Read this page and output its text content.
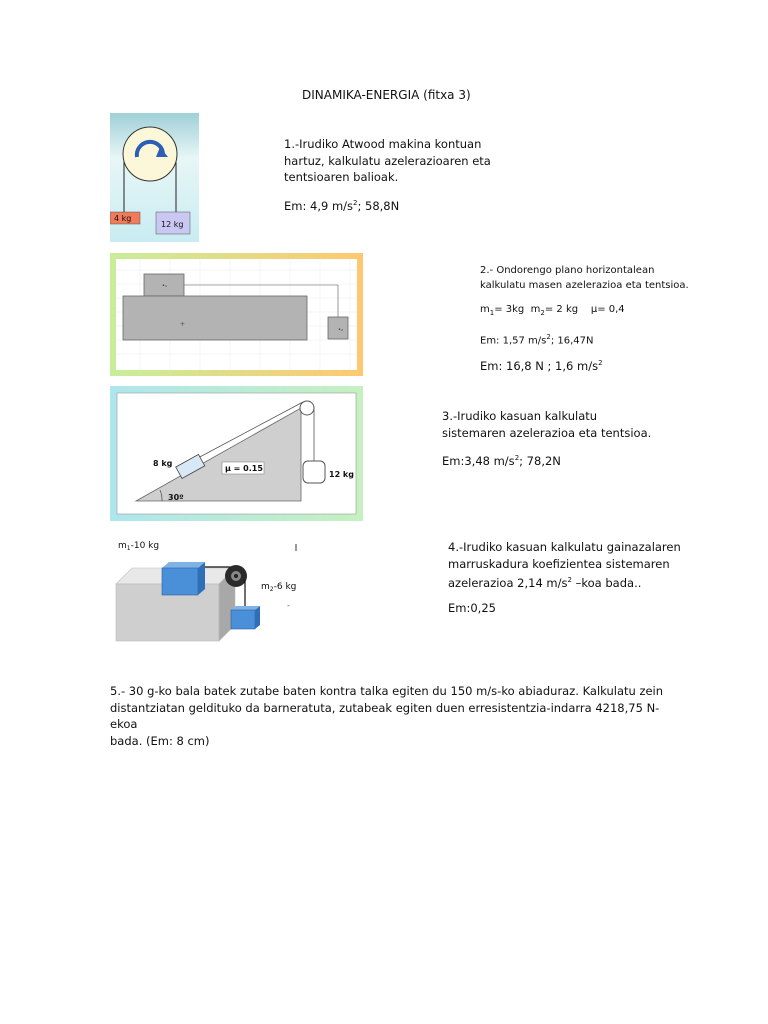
DINAMIKA-ENERGIA (fitxa 3)
4 kg
12 kg

1.-Irudiko Atwood makina kontuan

hartuz, kalkulatu azelerazioaren eta

tentsioaren balioak.

Em: 4,9 $m/s^2$; 58,8N

•₁
+
•₂

2.- Ondorengo plano horizontalean

kalkulatu masen azelerazioa eta tentsioa.

$m_1= 3kg$ $m_2= 2$ kg μ= 0,4

Em: 1,57 $m/s^2$; 16,47N

Em: 16,8 N ; 1,6 $m/s^2$

8 kg
μ = 0.15
12 kg
30º

3.-Irudiko kasuan kalkulatu

sistemaren azelerazioa eta tentsioa.

Em:3,48 $m/s^2$; 78,2N

$m_1-10$ kg
$m_2-6$ kg
-

4.-Irudiko kasuan kalkulatu gainazalaren

marruskadura koefizientea sistemaren

azelerazioa 2,14 $m/s^2$ –koa bada..

Em:0,25

5.- 30 g-ko bala batek zutabe baten kontra talka egiten du 150 m/s-ko abiaduraz. Kalkulatu zein

distantziatan geldituko da barneratuta, zutabeak egiten duen erresistentzia-indarra 4218,75 N-ekoa

bada. (Em: 8 cm)
